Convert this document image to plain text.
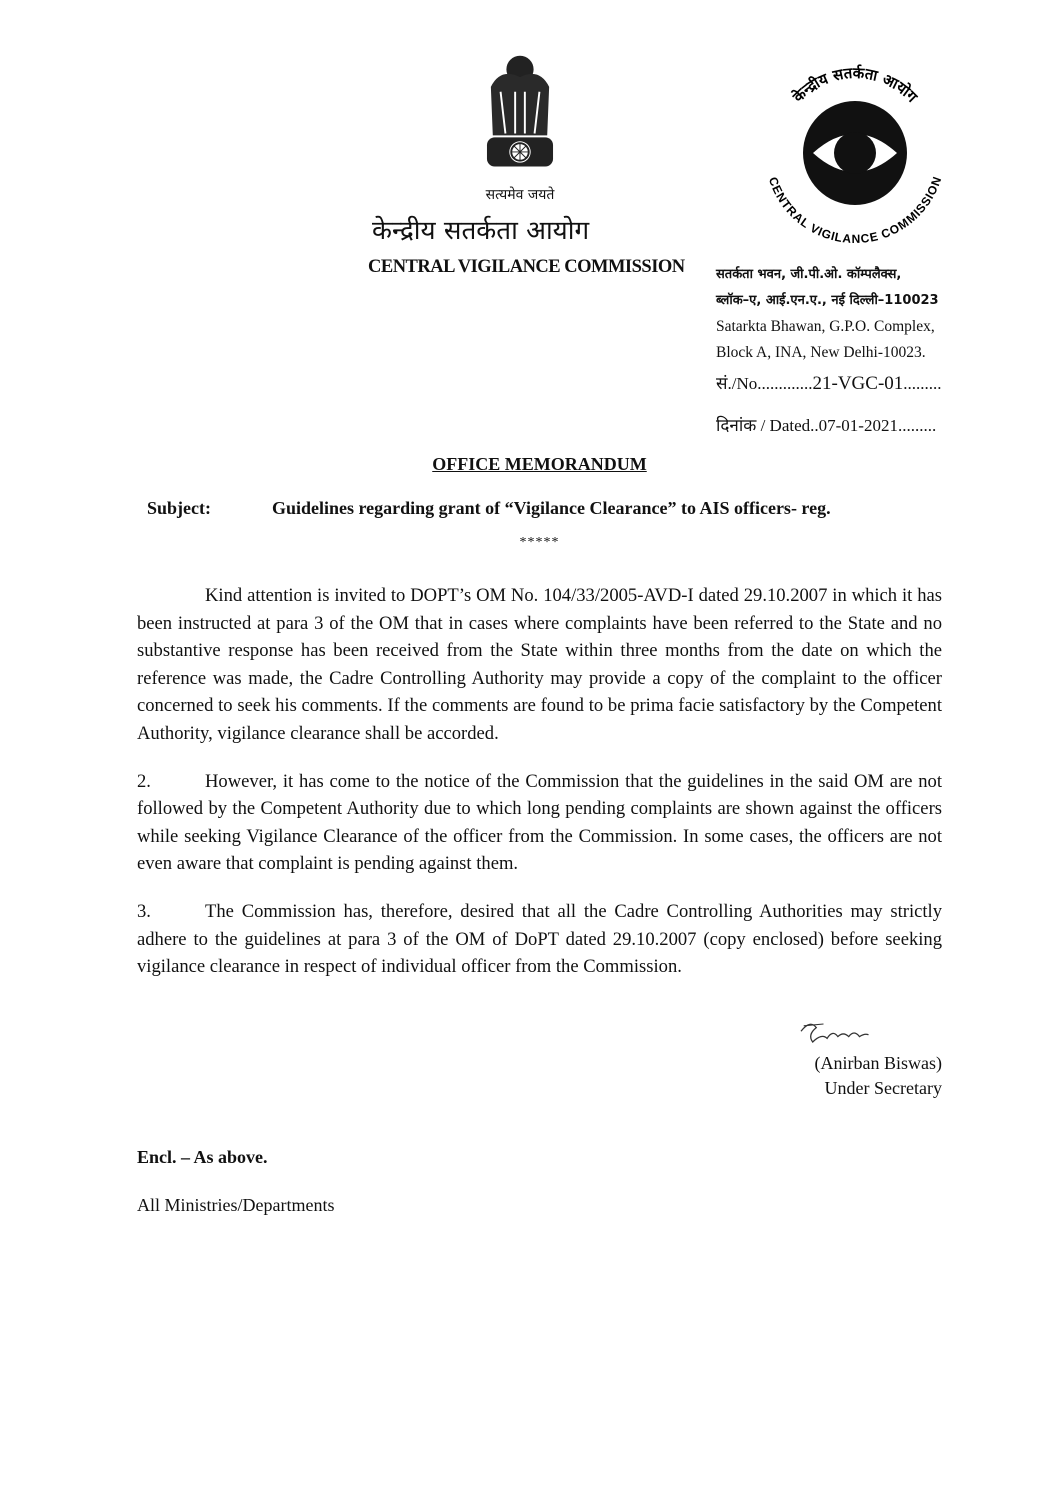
सत्यमेव जयते
केन्द्रीय सतर्कता आयोग
CENTRAL VIGILANCE COMMISSION
केन्द्रीय सतर्कता आयोग
CENTRAL VIGILANCE COMMISSION
सतर्कता भवन, जी.पी.ओ. कॉम्पलैक्स,
ब्लॉक–ए, आई.एन.ए., नई दिल्ली–110023
Satarkta Bhawan, G.P.O. Complex,
Block A, INA, New Delhi-10023.
सं./No.............21-VGC-01.........
दिनांक / Dated..07-01-2021.........
OFFICE MEMORANDUM
Subject:	Guidelines regarding grant of “Vigilance Clearance” to AIS officers- reg.
*****
Kind attention is invited to DOPT’s OM No. 104/33/2005-AVD-I dated 29.10.2007 in which it has been instructed at para 3 of the OM that in cases where complaints have been referred to the State and no substantive response has been received from the State within three months from the date on which the reference was made, the Cadre Controlling Authority may provide a copy of the complaint to the officer concerned to seek his comments. If the comments are found to be prima facie satisfactory by the Competent Authority, vigilance clearance shall be accorded.
2.	However, it has come to the notice of the Commission that the guidelines in the said OM are not followed by the Competent Authority due to which long pending complaints are shown against the officers while seeking Vigilance Clearance of the officer from the Commission. In some cases, the officers are not even aware that complaint is pending against them.
3.	The Commission has, therefore, desired that all the Cadre Controlling Authorities may strictly adhere to the guidelines at para 3 of the OM of DoPT dated 29.10.2007 (copy enclosed) before seeking vigilance clearance in respect of individual officer from the Commission.
(Anirban Biswas)
Under Secretary
Encl. – As above.
All Ministries/Departments
